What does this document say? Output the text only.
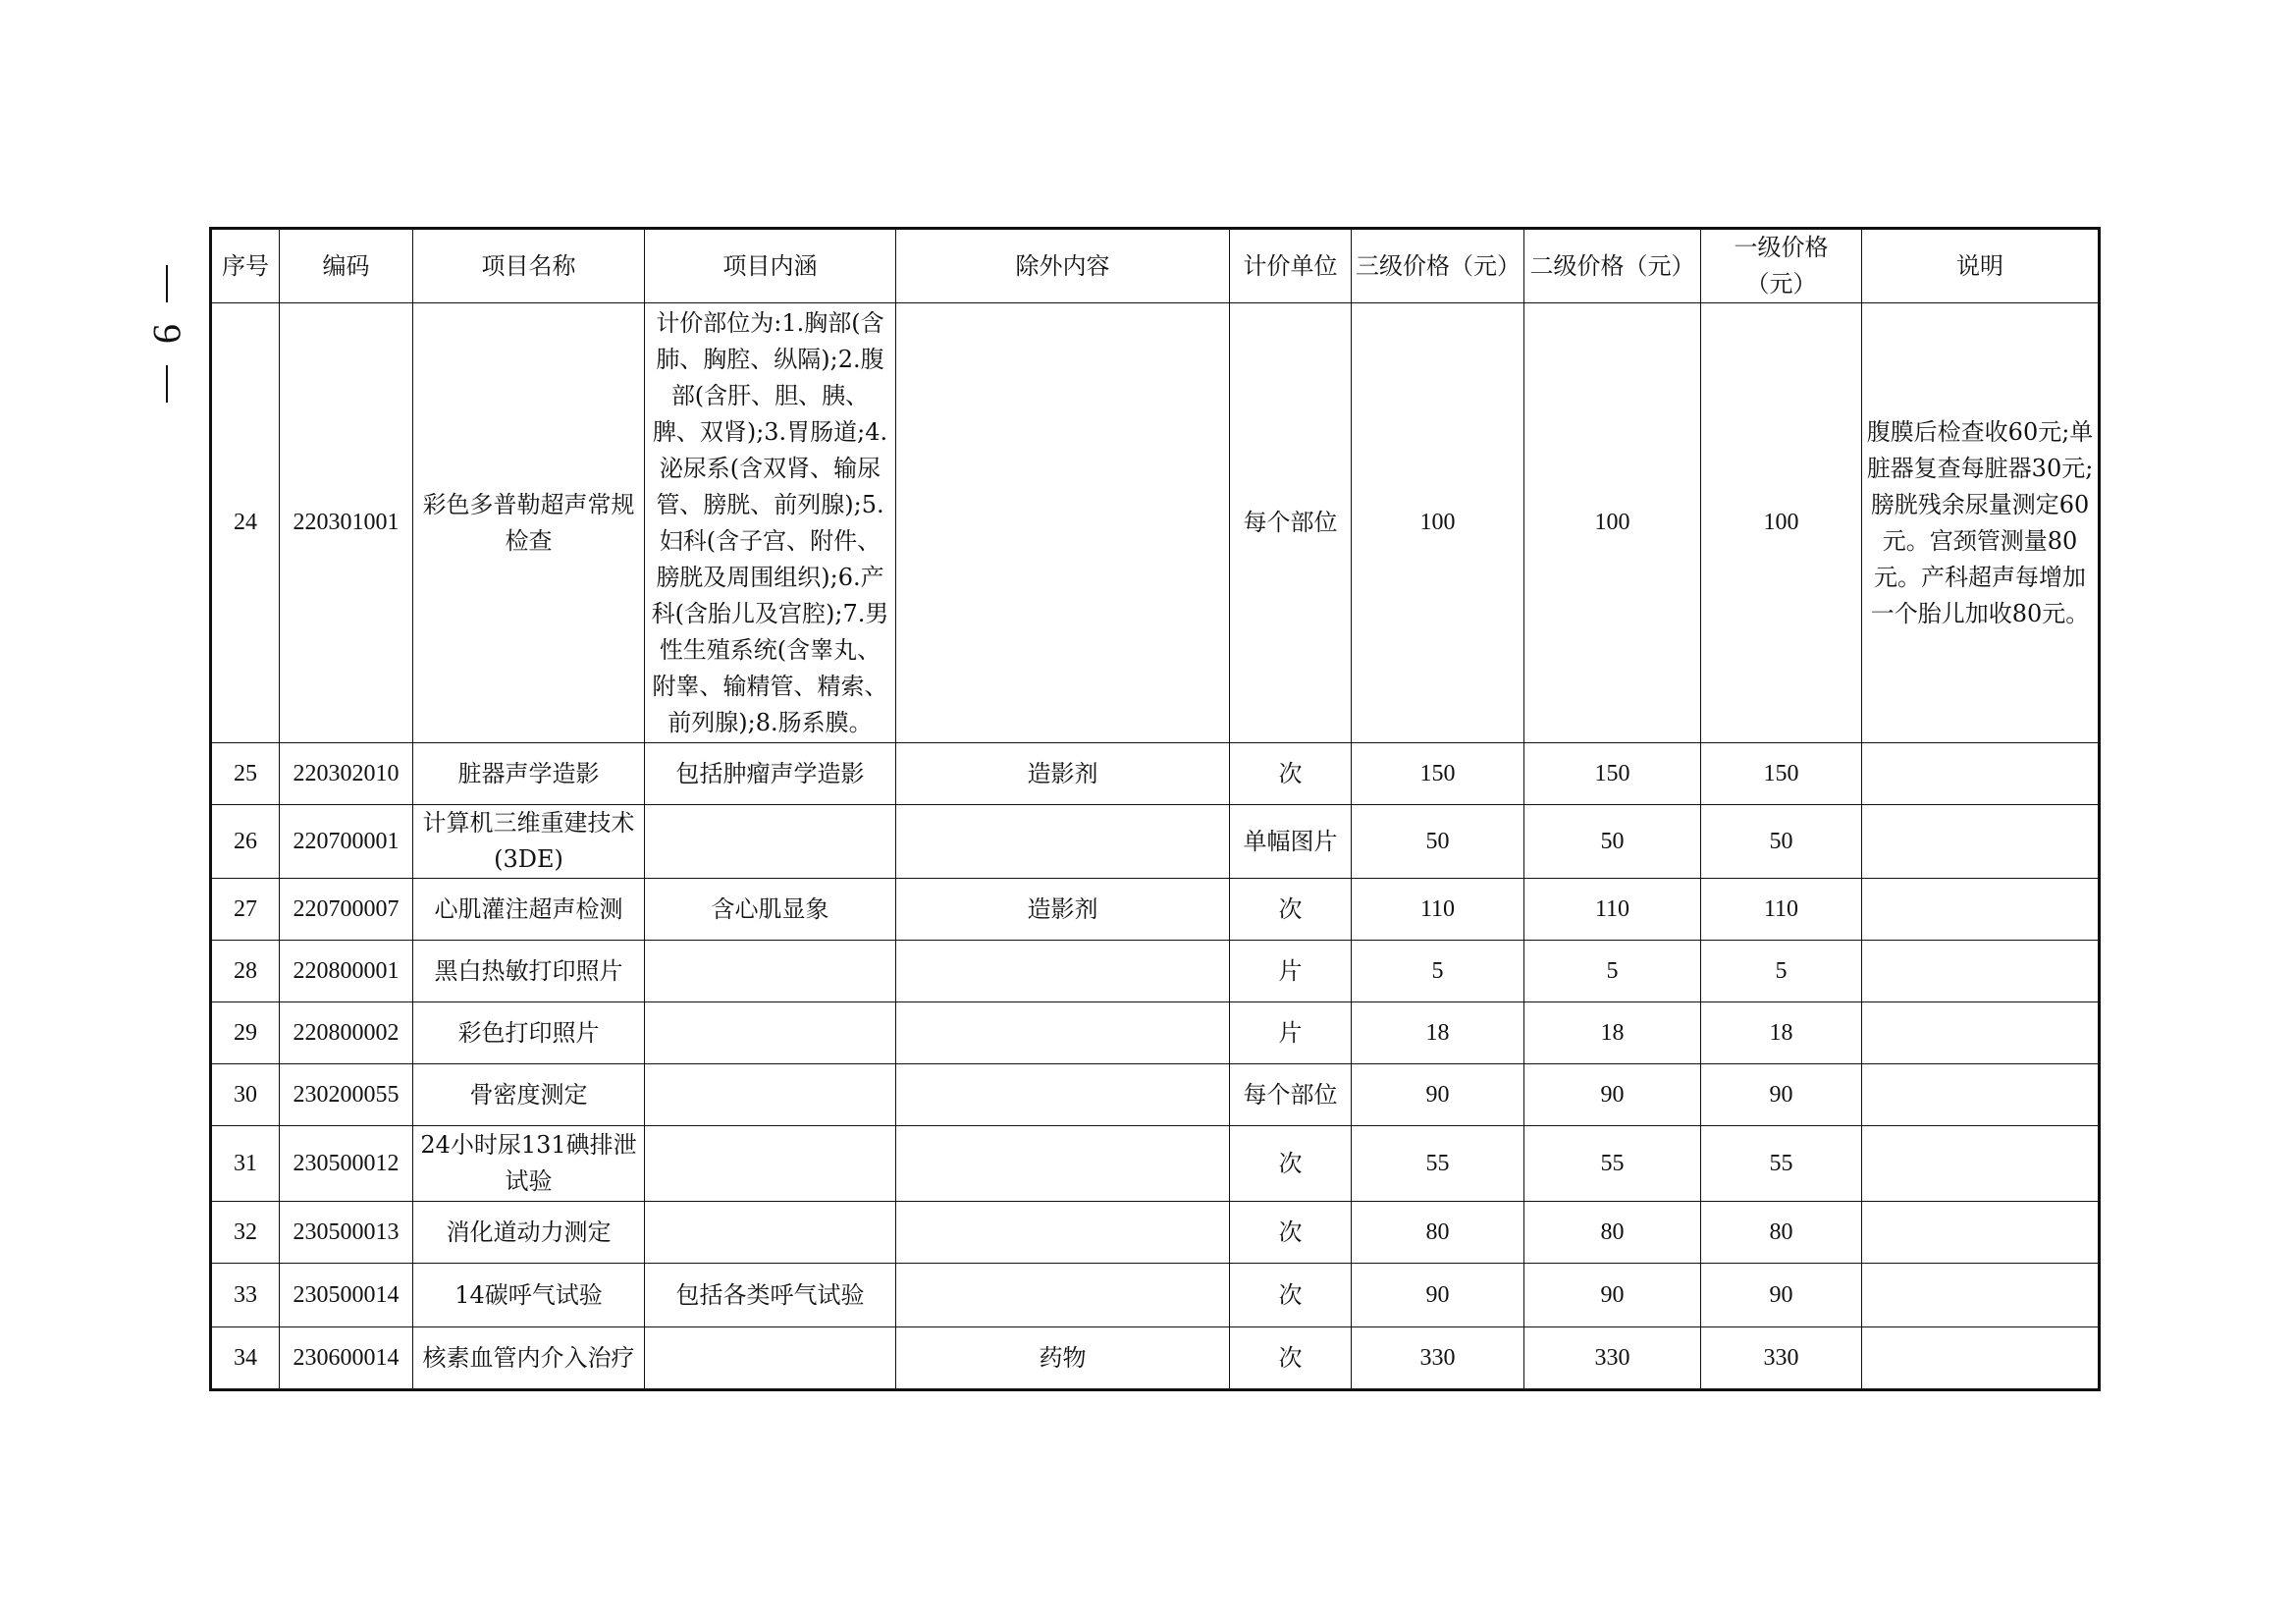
9
序号	编码	项目名称	项目内涵	除外内容	计价单位	三级价格（元）	二级价格（元）	一级价格（元）	说明
24	220301001	彩色多普勒超声常规检查	计价部位为:1.胸部(含肺、胸腔、纵隔);2.腹部(含肝、胆、胰、脾、双肾);3.胃肠道;4.泌尿系(含双肾、输尿管、膀胱、前列腺);5.妇科(含子宫、附件、膀胱及周围组织);6.产科(含胎儿及宫腔);7.男性生殖系统(含睾丸、附睾、输精管、精索、前列腺);8.肠系膜。		每个部位	100	100	100	腹膜后检查收60元;单脏器复查每脏器30元;膀胱残余尿量测定60元。宫颈管测量80元。产科超声每增加一个胎儿加收80元。
25	220302010	脏器声学造影	包括肿瘤声学造影	造影剂	次	150	150	150	
26	220700001	计算机三维重建技术(3DE)			单幅图片	50	50	50	
27	220700007	心肌灌注超声检测	含心肌显象	造影剂	次	110	110	110	
28	220800001	黑白热敏打印照片			片	5	5	5	
29	220800002	彩色打印照片			片	18	18	18	
30	230200055	骨密度测定			每个部位	90	90	90	
31	230500012	24小时尿131碘排泄试验			次	55	55	55	
32	230500013	消化道动力测定			次	80	80	80	
33	230500014	14碳呼气试验	包括各类呼气试验		次	90	90	90	
34	230600014	核素血管内介入治疗		药物	次	330	330	330	
